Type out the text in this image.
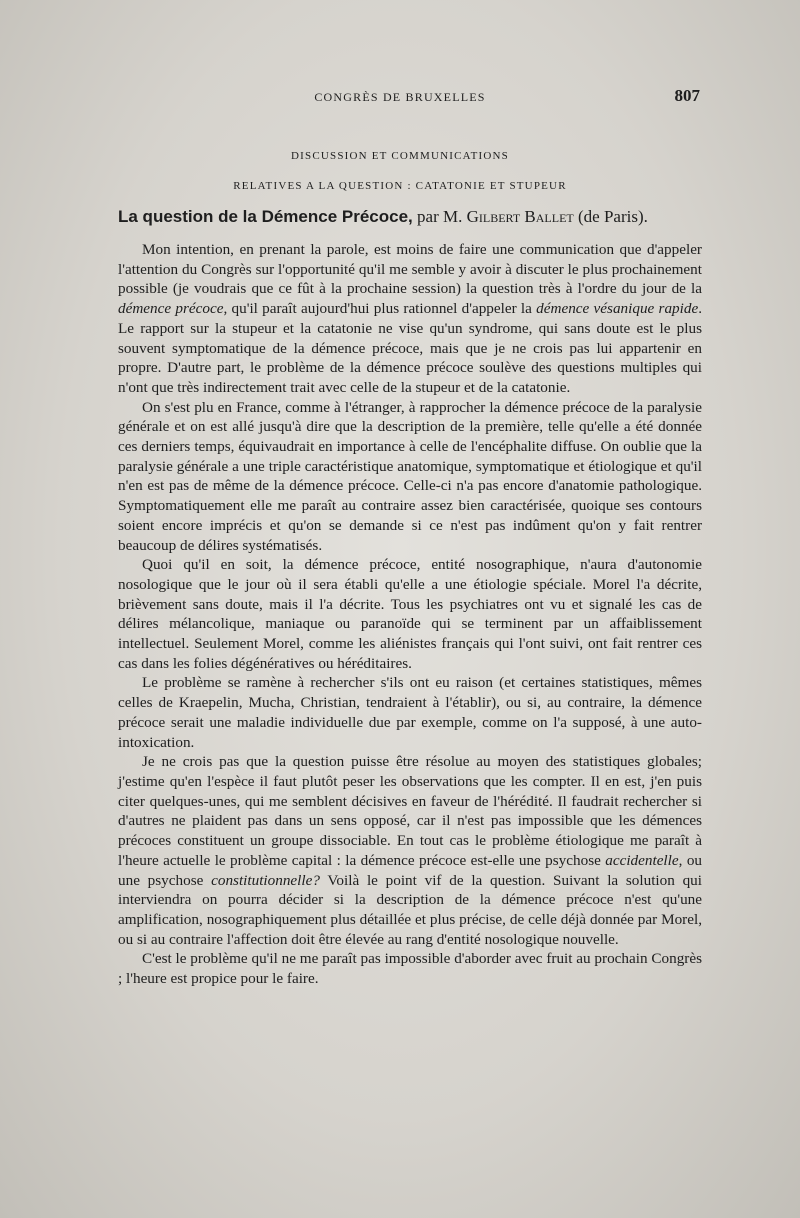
CONGRÈS DE BRUXELLES	807
DISCUSSION ET COMMUNICATIONS
RELATIVES A LA QUESTION : CATATONIE ET STUPEUR
La question de la Démence Précoce, par M. Gilbert Ballet (de Paris).

Mon intention, en prenant la parole, est moins de faire une communication que d'appeler l'attention du Congrès sur l'opportunité qu'il me semble y avoir à discuter le plus prochainement possible (je voudrais que ce fût à la prochaine session) la question très à l'ordre du jour de la démence précoce, qu'il paraît aujourd'hui plus rationnel d'appeler la démence vésanique rapide. Le rapport sur la stupeur et la catatonie ne vise qu'un syndrome, qui sans doute est le plus souvent symptomatique de la démence précoce, mais que je ne crois pas lui appartenir en propre. D'autre part, le problème de la démence précoce soulève des questions multiples qui n'ont que très indirectement trait avec celle de la stupeur et de la catatonie.

On s'est plu en France, comme à l'étranger, à rapprocher la démence précoce de la paralysie générale et on est allé jusqu'à dire que la description de la première, telle qu'elle a été donnée ces derniers temps, équivaudrait en importance à celle de l'encéphalite diffuse. On oublie que la paralysie générale a une triple caractéristique anatomique, symptomatique et étiologique et qu'il n'en est pas de même de la démence précoce. Celle-ci n'a pas encore d'anatomie pathologique. Symptomatiquement elle me paraît au contraire assez bien caractérisée, quoique ses contours soient encore imprécis et qu'on se demande si ce n'est pas indûment qu'on y fait rentrer beaucoup de délires systématisés.

Quoi qu'il en soit, la démence précoce, entité nosographique, n'aura d'autonomie nosologique que le jour où il sera établi qu'elle a une étiologie spéciale. Morel l'a décrite, brièvement sans doute, mais il l'a décrite. Tous les psychiatres ont vu et signalé les cas de délires mélancolique, maniaque ou paranoïde qui se terminent par un affaiblissement intellectuel. Seulement Morel, comme les aliénistes français qui l'ont suivi, ont fait rentrer ces cas dans les folies dégénératives ou héréditaires.

Le problème se ramène à rechercher s'ils ont eu raison (et certaines statistiques, mêmes celles de Kraepelin, Mucha, Christian, tendraient à l'établir), ou si, au contraire, la démence précoce serait une maladie individuelle due par exemple, comme on l'a supposé, à une auto-intoxication.

Je ne crois pas que la question puisse être résolue au moyen des statistiques globales; j'estime qu'en l'espèce il faut plutôt peser les observations que les compter. Il en est, j'en puis citer quelques-unes, qui me semblent décisives en faveur de l'hérédité. Il faudrait rechercher si d'autres ne plaident pas dans un sens opposé, car il n'est pas impossible que les démences précoces constituent un groupe dissociable. En tout cas le problème étiologique me paraît à l'heure actuelle le problème capital : la démence précoce est-elle une psychose accidentelle, ou une psychose constitutionnelle? Voilà le point vif de la question. Suivant la solution qui interviendra on pourra décider si la description de la démence précoce n'est qu'une amplification, nosographiquement plus détaillée et plus précise, de celle déjà donnée par Morel, ou si au contraire l'affection doit être élevée au rang d'entité nosologique nouvelle.

C'est le problème qu'il ne me paraît pas impossible d'aborder avec fruit au prochain Congrès ; l'heure est propice pour le faire.
